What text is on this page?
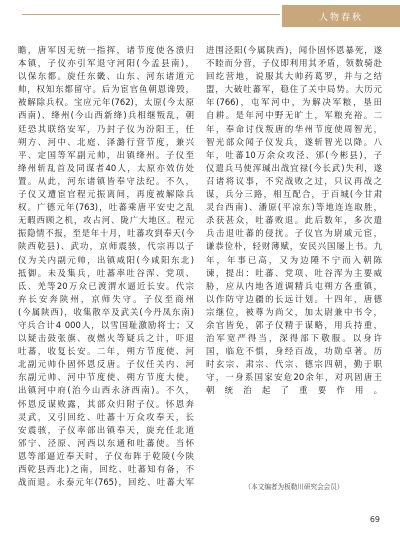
人物春秋

瞻，唐军因无统一指挥，诸节度使各溃归

本镇，子仪亦引军退守河阳(今孟县南)，

以保东都。旋任东畿、山东、河东诸道元

帅，权知东都留守。后为宦官鱼朝恩谗毁，

被解除兵权。宝应元年(762)，太原(今太原

西南)、绛州(今山西新绛)兵相继叛乱，朝

廷恐其联络安军，乃封子仪为汾阳王，任

朔方、河中、北庭、泽潞行营节度，兼兴

平、定国等军副元帅，出镇绛州。子仪至

绛州斩乱首及同谋者40人，太原亦效仿处

置。从此，河东诸镇皆奉守法纪。不久，

子仪又遭宦官程元振离间，再度被解除兵

权。广德元年(763)，吐蕃乘唐平安史之乱

无暇西顾之机，攻占河、陇广大地区。程元

振隐情不报，至是年十月，吐蕃攻到奉天(今

陕西乾县)、武功，京师震骇，代宗再以子

仪为关内副元帅，出镇咸阳(今咸阳东北)

抵御。未及集兵，吐蕃率吐谷浑、党项、

氐、羌等20万众已渡渭水逼近长安。代宗

弃长安奔陕州，京师失守。子仪至商州

(今属陕西)，收集散卒及武关(今丹凤东南)

守兵合计4 000人，以雪国耻激励将士；又

以疑击鼓张旗、夜燃火等疑兵之计，吓退

吐蕃，收复长安。二年，朔方节度使、河

北副元帅仆固怀恩反唐。子仪任关内、河

东副元帅、河中节度使、朔方节度大使，

出镇河中府(治今山西永济西南)。不久，

怀恩反谋败露，其部众归附子仪。怀恩奔

灵武，又引回纥、吐蕃十万众攻奉天，长

安震骇，子仪率部出镇奉天，旋充任北道

邠宁、泾原、河西以东通和吐蕃使。当怀

恩等部逼近奉天时，子仪布阵于乾陵(今陕

西乾县西北)之南，回纥、吐蕃知有备，不

战而退。永泰元年(765)，回纥、吐蕃大军

进围泾阳(今属陕西)，闻仆固怀恩暴死，遂

不睦而分营，子仪即利用其矛盾，领数骑赴

回纥营地，说服其大帅药葛罗，并与之结

盟，大破吐蕃军，稳住了关中局势。大历元

年(766)，屯军河中，为解决军粮，垦田

自耕。是年河中野无旷土，军粮充裕。二

年，奉命讨伐叛唐的华州节度使周智光，

智光部众闻子仪发兵，遂斩智光以降。八

年，吐蕃10万余众攻泾、邠(今彬县)，子

仪遣兵马使浑瑊出战宜禄(今长武)失利，遂

召诸将议事，不究战败之过，只议再战之

谋，兵分三路，相互配合，于百城(今甘肃

灵台西南)、潘原(平凉东)等地连连取胜，

杀获甚众，吐蕃败退。此后数年，多次遣

兵击退吐蕃的侵扰。子仪官为尉戚元宦，

谦恭俭朴，轻财薄赋，安民兴国屡上书。九

年，年事已高，又为边陲不宁而入朝陈

谏，提出：吐蕃、党项、吐谷浑为主要威

胁，应从内地各道调精兵屯朔方各重镇，

以作防守边疆的长远计划。十四年，唐德

宗继位，被尊为尚父，加太尉兼中书令，

余官皆免，郭子仪精于谋略，用兵持重，

治军宽严得当，深得部下敬服。以身许

国，临危不惧，身经百战，功勋卓著。历

时玄宗、肃宗、代宗、德宗四朝，勤于职

守，一身系国家安危20余年，对巩固唐王

朝统治起了重要作用。

（本文编者为板勒川研究会会员）
69
